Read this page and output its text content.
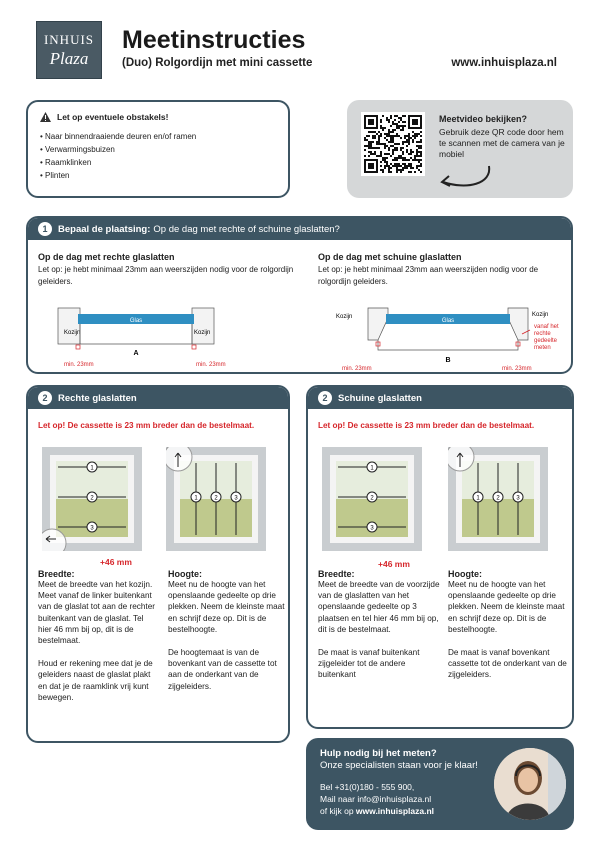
INHUIS
Plaza
Meetinstructies
(Duo) Rolgordijn met mini cassette	www.inhuisplaza.nl
Let op eventuele obstakels!
• Naar binnendraaiende deuren en/of ramen
• Verwarmingsbuizen
• Raamklinken
• Plinten
Meetvideo bekijken?
Gebruik deze QR code door hem te scannen met de camera van je mobiel
1	Bepaal de plaatsing: Op de dag met rechte of schuine glaslatten?
Op de dag met rechte glaslatten
Let op: je hebt minimaal 23mm aan weerszijden nodig voor de rolgordijn geleiders.
Op de dag met schuine glaslatten
Let op: je hebt minimaal 23mm aan weerszijden nodig voor de rolgordijn geleiders.
Glas
Kozijn	Kozijn
A
min. 23mm	min. 23mm
Glas
Kozijn	Kozijn
B
min. 23mm	min. 23mm
vanaf het
rechte
gedeelte
meten
2	Rechte glaslatten
Let op! De cassette is 23 mm breder dan de bestelmaat.
1
2
3
1	2	3
+46 mm
Breedte:
Meet de breedte van het kozijn. Meet vanaf de linker buitenkant van de glaslat tot aan de rechter buitenkant van de glaslat. Tel hier 46 mm bij op, dit is de bestelmaat.
Houd er rekening mee dat je de geleiders naast de glaslat plakt en dat je de raamklink vrij kunt bewegen.
Hoogte:
Meet nu de hoogte van het openslaande gedeelte op drie plekken. Neem de kleinste maat en schrijf deze op. Dit is de bestelhoogte.
De hoogtemaat is van de bovenkant van de cassette tot aan de onderkant van de zijgeleiders.
2	Schuine glaslatten
Let op! De cassette is 23 mm breder dan de bestelmaat.
1
2
3
1	2	3
+46 mm
Breedte:
Meet de breedte van de voorzijde van de glaslatten van het openslaande gedeelte op 3 plaatsen en tel hier 46 mm bij op, dit is de bestelmaat.
De maat is vanaf buitenkant zijgeleider tot de andere buitenkant
Hoogte:
Meet nu de hoogte van het openslaande gedeelte op drie plekken. Neem de kleinste maat en schrijf deze op. Dit is de bestelhoogte.
De maat is vanaf bovenkant cassette tot de onderkant van de zijgeleiders.
Hulp nodig bij het meten?
Onze specialisten staan voor je klaar!
Bel +31(0)180 - 555 900,
Mail naar info@inhuisplaza.nl
of kijk op www.inhuisplaza.nl
